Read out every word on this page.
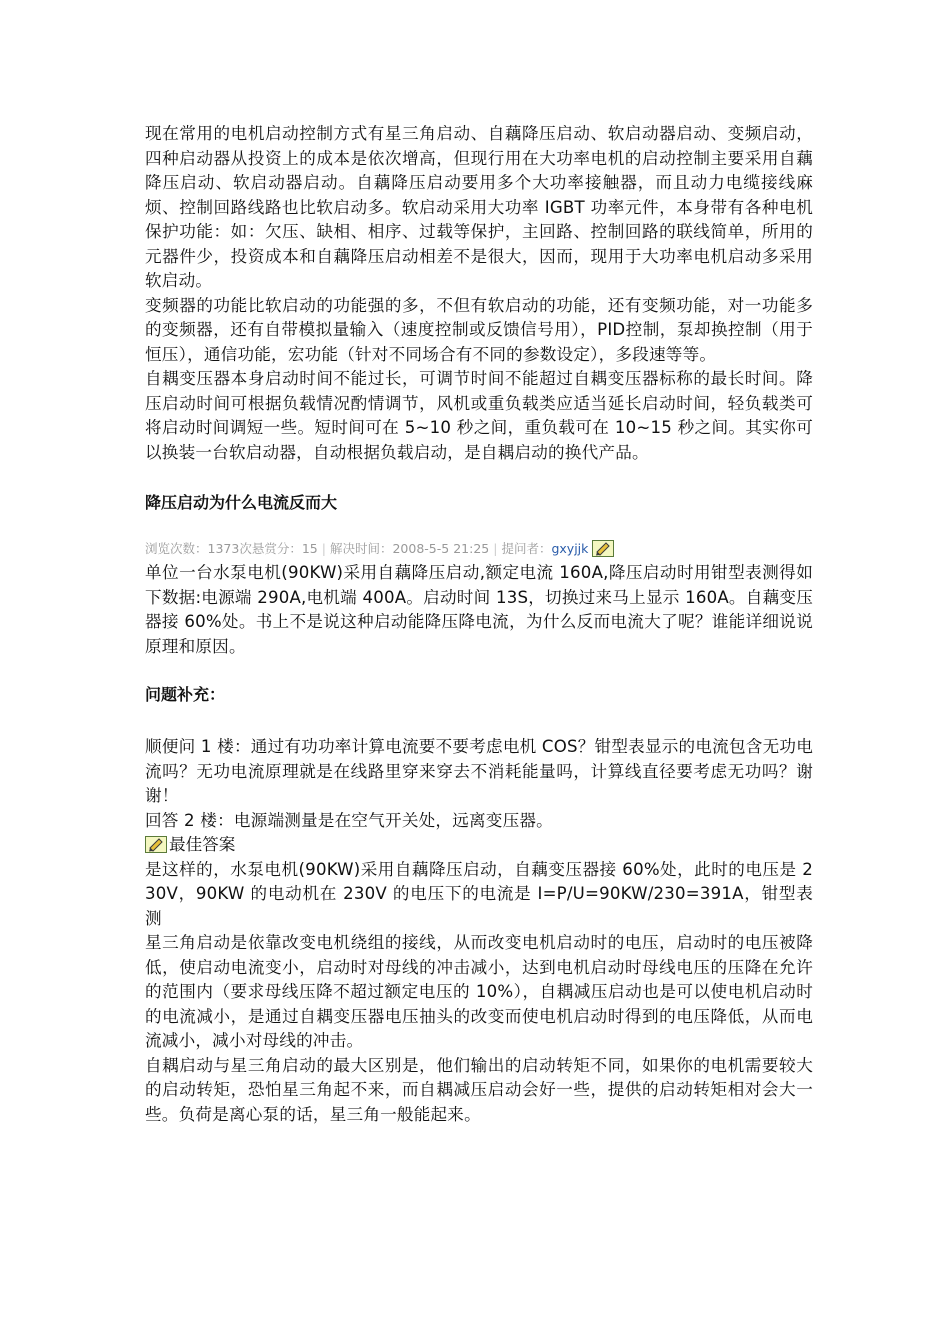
现在常用的电机启动控制方式有星三角启动、自藕降压启动、软启动器启动、变频启动，四种启动器从投资上的成本是依次增高，但现行用在大功率电机的启动控制主要采用自藕降压启动、软启动器启动。自藕降压启动要用多个大功率接触器，而且动力电缆接线麻烦、控制回路线路也比软启动多。软启动采用大功率 IGBT 功率元件，本身带有各种电机保护功能：如：欠压、缺相、相序、过载等保护，主回路、控制回路的联线简单，所用的元器件少，投资成本和自藕降压启动相差不是很大，因而，现用于大功率电机启动多采用软启动。

变频器的功能比软启动的功能强的多，不但有软启动的功能，还有变频功能，对一功能多的变频器，还有自带模拟量输入（速度控制或反馈信号用），PID控制，泵却换控制（用于恒压），通信功能，宏功能（针对不同场合有不同的参数设定），多段速等等。

自耦变压器本身启动时间不能过长，可调节时间不能超过自耦变压器标称的最长时间。降压启动时间可根据负载情况酌情调节，风机或重负载类应适当延长启动时间，轻负载类可将启动时间调短一些。短时间可在 5~10 秒之间，重负载可在 10~15 秒之间。其实你可以换装一台软启动器，自动根据负载启动，是自耦启动的换代产品。

降压启动为什么电流反而大
浏览次数：1373次悬赏分：15 | 解决时间：2008-5-5 21:25 | 提问者：gxyjjk

单位一台水泵电机(90KW)采用自藕降压启动,额定电流 160A,降压启动时用钳型表测得如下数据:电源端 290A,电机端 400A。启动时间 13S，切换过来马上显示 160A。自藕变压器接 60%处。书上不是说这种启动能降压降电流，为什么反而电流大了呢？谁能详细说说原理和原因。

问题补充：

顺便问 1 楼：通过有功功率计算电流要不要考虑电机 COS？钳型表显示的电流包含无功电流吗？无功电流原理就是在线路里穿来穿去不消耗能量吗，计算线直径要考虑无功吗？谢谢！

回答 2 楼：电源端测量是在空气开关处，远离变压器。

最佳答案

是这样的，水泵电机(90KW)采用自藕降压启动，自藕变压器接 60%处，此时的电压是 230V，90KW 的电动机在 230V 的电压下的电流是 I=P/U=90KW/230=391A，钳型表测

星三角启动是依靠改变电机绕组的接线，从而改变电机启动时的电压，启动时的电压被降低，使启动电流变小，启动时对母线的冲击减小，达到电机启动时母线电压的压降在允许的范围内（要求母线压降不超过额定电压的 10%），自耦减压启动也是可以使电机启动时的电流减小，是通过自耦变压器电压抽头的改变而使电机启动时得到的电压降低，从而电流减小，减小对母线的冲击。

自耦启动与星三角启动的最大区别是，他们输出的启动转矩不同，如果你的电机需要较大的启动转矩，恐怕星三角起不来，而自耦减压启动会好一些，提供的启动转矩相对会大一些。负荷是离心泵的话，星三角一般能起来。
